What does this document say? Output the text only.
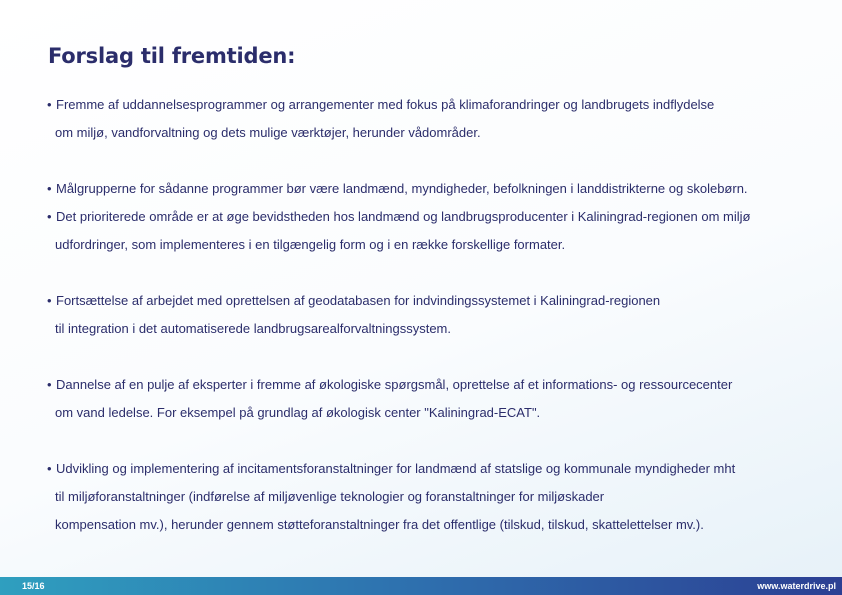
Forslag til fremtiden:

• Fremme af uddannelsesprogrammer og arrangementer med fokus på klimaforandringer og landbrugets indflydelse
om miljø, vandforvaltning og dets mulige værktøjer, herunder vådområder.

• Målgrupperne for sådanne programmer bør være landmænd, myndigheder, befolkningen i landdistrikterne og skolebørn.

• Det prioriterede område er at øge bevidstheden hos landmænd og landbrugsproducenter i Kaliningrad-regionen om miljø
udfordringer, som implementeres i en tilgængelig form og i en række forskellige formater.

• Fortsættelse af arbejdet med oprettelsen af geodatabasen for indvindingssystemet i Kaliningrad-regionen
til integration i det automatiserede landbrugsarealforvaltningssystem.

• Dannelse af en pulje af eksperter i fremme af økologiske spørgsmål, oprettelse af et informations- og ressourcecenter
om vand ledelse. For eksempel på grundlag af økologisk center "Kaliningrad-ECAT".

• Udvikling og implementering af incitamentsforanstaltninger for landmænd af statslige og kommunale myndigheder mht
til miljøforanstaltninger (indførelse af miljøvenlige teknologier og foranstaltninger for miljøskader
kompensation mv.), herunder gennem støtteforanstaltninger fra det offentlige (tilskud, tilskud, skattelettelser mv.).

15/16	www.waterdrive.pl
